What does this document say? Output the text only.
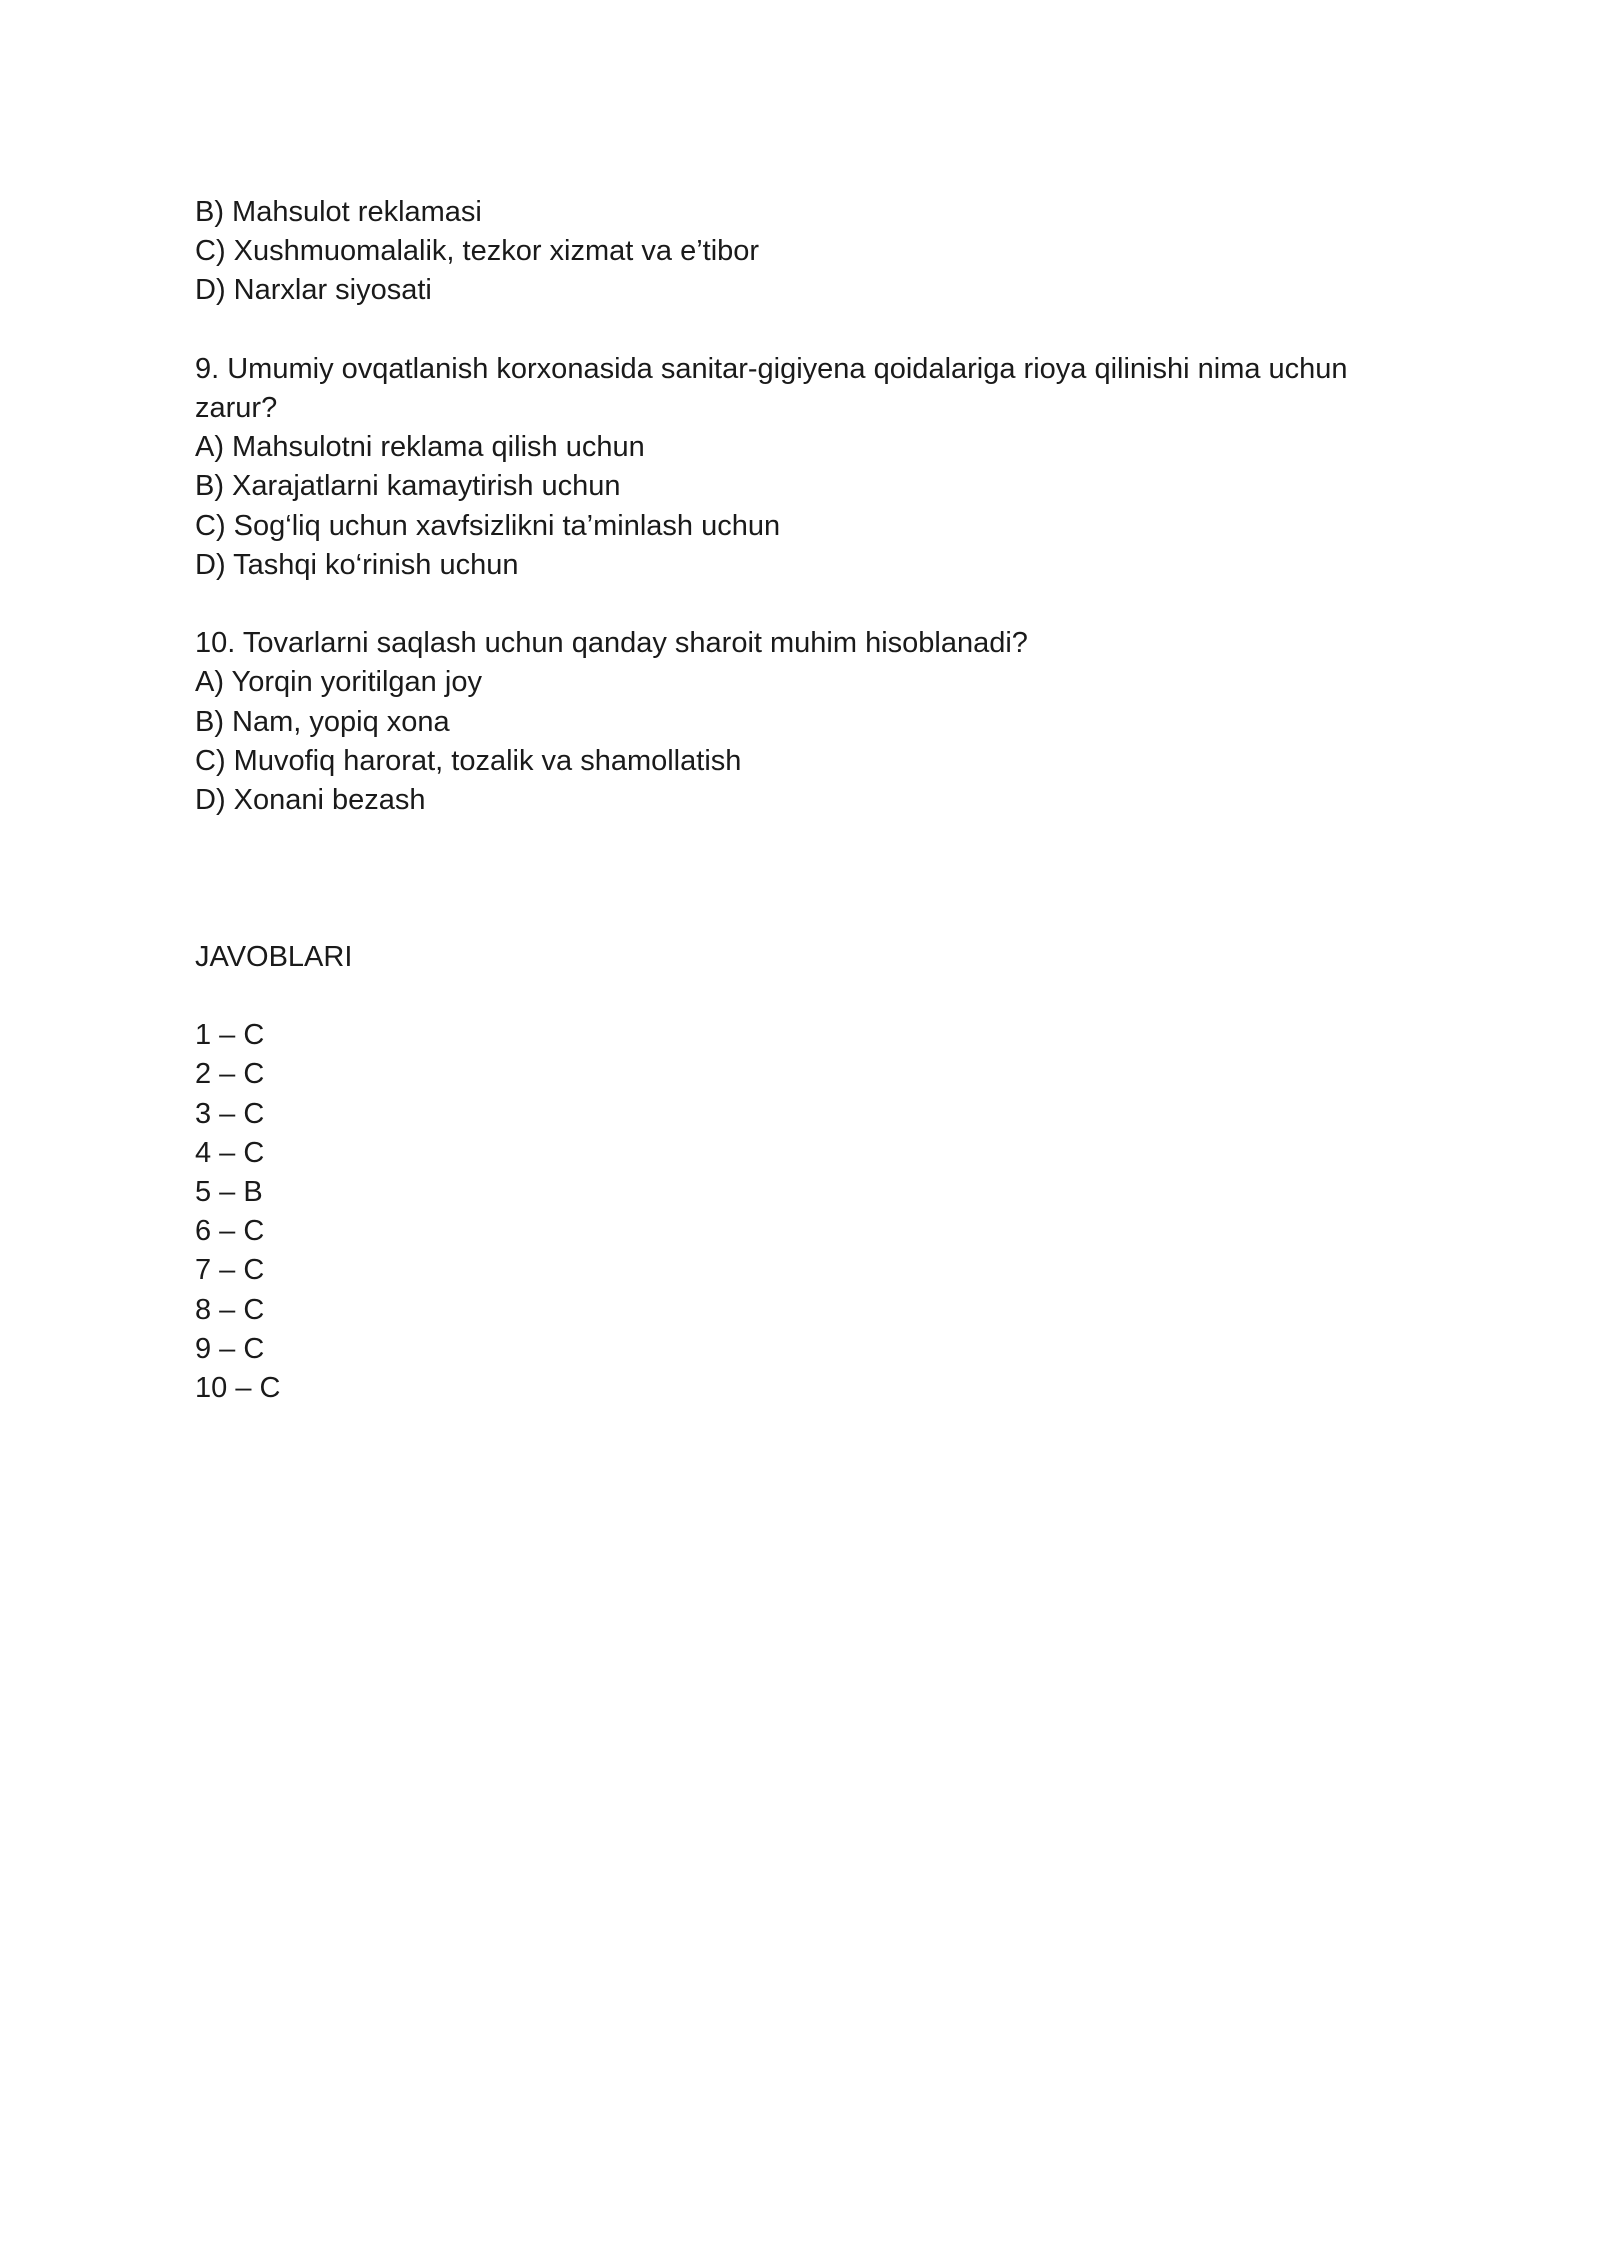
B) Mahsulot reklamasi
C) Xushmuomalalik, tezkor xizmat va e’tibor
D) Narxlar siyosati
9. Umumiy ovqatlanish korxonasida sanitar-gigiyena qoidalariga rioya qilinishi nima uchun zarur?
A) Mahsulotni reklama qilish uchun
B) Xarajatlarni kamaytirish uchun
C) Sog‘liq uchun xavfsizlikni ta’minlash uchun
D) Tashqi ko‘rinish uchun
10. Tovarlarni saqlash uchun qanday sharoit muhim hisoblanadi?
A) Yorqin yoritilgan joy
B) Nam, yopiq xona
C) Muvofiq harorat, tozalik va shamollatish
D) Xonani bezash
JAVOBLARI
1 – C
2 – C
3 – C
4 – C
5 – B
6 – C
7 – C
8 – C
9 – C
10 – C
